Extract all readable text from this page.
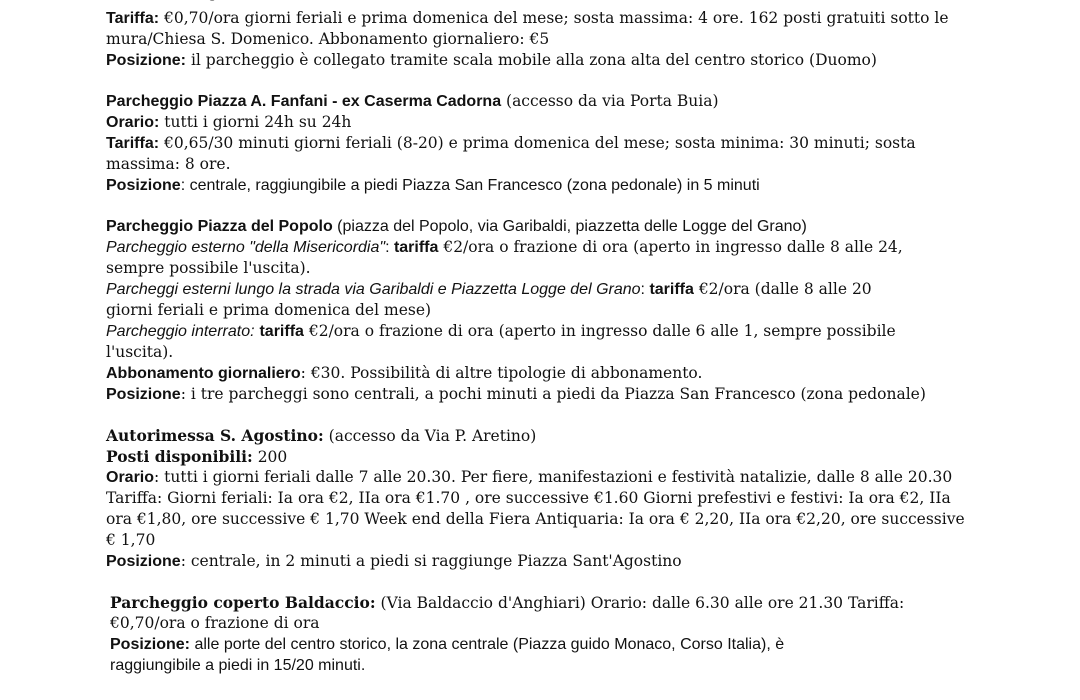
Tariffa: €0,70/ora giorni feriali e prima domenica del mese; sosta massima: 4 ore. 162 posti gratuiti sotto le
mura/Chiesa S. Domenico. Abbonamento giornaliero: €5
Posizione: il parcheggio è collegato tramite scala mobile alla zona alta del centro storico (Duomo)
Parcheggio Piazza A. Fanfani - ex Caserma Cadorna (accesso da via Porta Buia)
Orario: tutti i giorni 24h su 24h
Tariffa: €0,65/30 minuti giorni feriali (8-20) e prima domenica del mese; sosta minima: 30 minuti; sosta
massima: 8 ore.
Posizione: centrale, raggiungibile a piedi Piazza San Francesco (zona pedonale) in 5 minuti
Parcheggio Piazza del Popolo (piazza del Popolo, via Garibaldi, piazzetta delle Logge del Grano)
Parcheggio esterno "della Misericordia": tariffa €2/ora o frazione di ora (aperto in ingresso dalle 8 alle 24,
sempre possibile l'uscita).
Parcheggi esterni lungo la strada via Garibaldi e Piazzetta Logge del Grano: tariffa €2/ora (dalle 8 alle 20
giorni feriali e prima domenica del mese)
Parcheggio interrato: tariffa €2/ora o frazione di ora (aperto in ingresso dalle 6 alle 1, sempre possibile
l'uscita).
Abbonamento giornaliero: €30. Possibilità di altre tipologie di abbonamento.
Posizione: i tre parcheggi sono centrali, a pochi minuti a piedi da Piazza San Francesco (zona pedonale)
Autorimessa S. Agostino: (accesso da Via P. Aretino)
Posti disponibili: 200
Orario: tutti i giorni feriali dalle 7 alle 20.30. Per fiere, manifestazioni e festività natalizie, dalle 8 alle 20.30
Tariffa: Giorni feriali: Ia ora €2, IIa ora €1.70 , ore successive €1.60 Giorni prefestivi e festivi: Ia ora €2, IIa
ora €1,80, ore successive € 1,70 Week end della Fiera Antiquaria: Ia ora € 2,20, IIa ora €2,20, ore successive
€ 1,70
Posizione: centrale, in 2 minuti a piedi si raggiunge Piazza Sant'Agostino
Parcheggio coperto Baldaccio: (Via Baldaccio d'Anghiari) Orario: dalle 6.30 alle ore 21.30 Tariffa:
€0,70/ora o frazione di ora
Posizione: alle porte del centro storico, la zona centrale (Piazza guido Monaco, Corso Italia), è
raggiungibile a piedi in 15/20 minuti.
